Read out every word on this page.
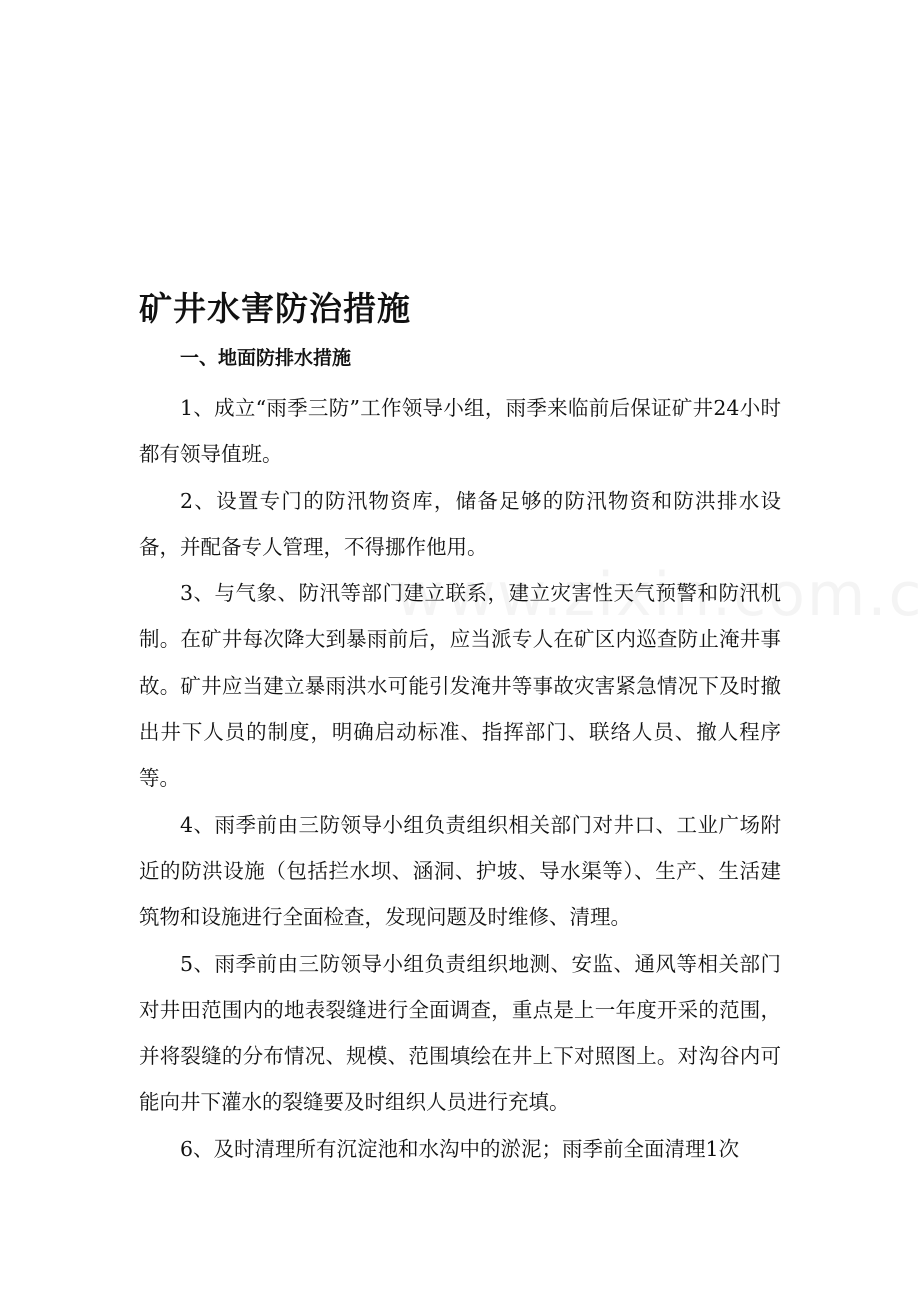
矿井水害防治措施
一、地面防排水措施

1、成立“雨季三防”工作领导小组，雨季来临前后保证矿井24小时都有领导值班。

2、设置专门的防汛物资库，储备足够的防汛物资和防洪排水设备，并配备专人管理，不得挪作他用。

3、与气象、防汛等部门建立联系，建立灾害性天气预警和防汛机制。在矿井每次降大到暴雨前后，应当派专人在矿区内巡查防止淹井事故。矿井应当建立暴雨洪水可能引发淹井等事故灾害紧急情况下及时撤出井下人员的制度，明确启动标准、指挥部门、联络人员、撤人程序等。

4、雨季前由三防领导小组负责组织相关部门对井口、工业广场附近的防洪设施（包括拦水坝、涵洞、护坡、导水渠等）、生产、生活建筑物和设施进行全面检查，发现问题及时维修、清理。

5、雨季前由三防领导小组负责组织地测、安监、通风等相关部门对井田范围内的地表裂缝进行全面调查，重点是上一年度开采的范围，并将裂缝的分布情况、规模、范围填绘在井上下对照图上。对沟谷内可能向井下灌水的裂缝要及时组织人员进行充填。

6、及时清理所有沉淀池和水沟中的淤泥；雨季前全面清理1次
